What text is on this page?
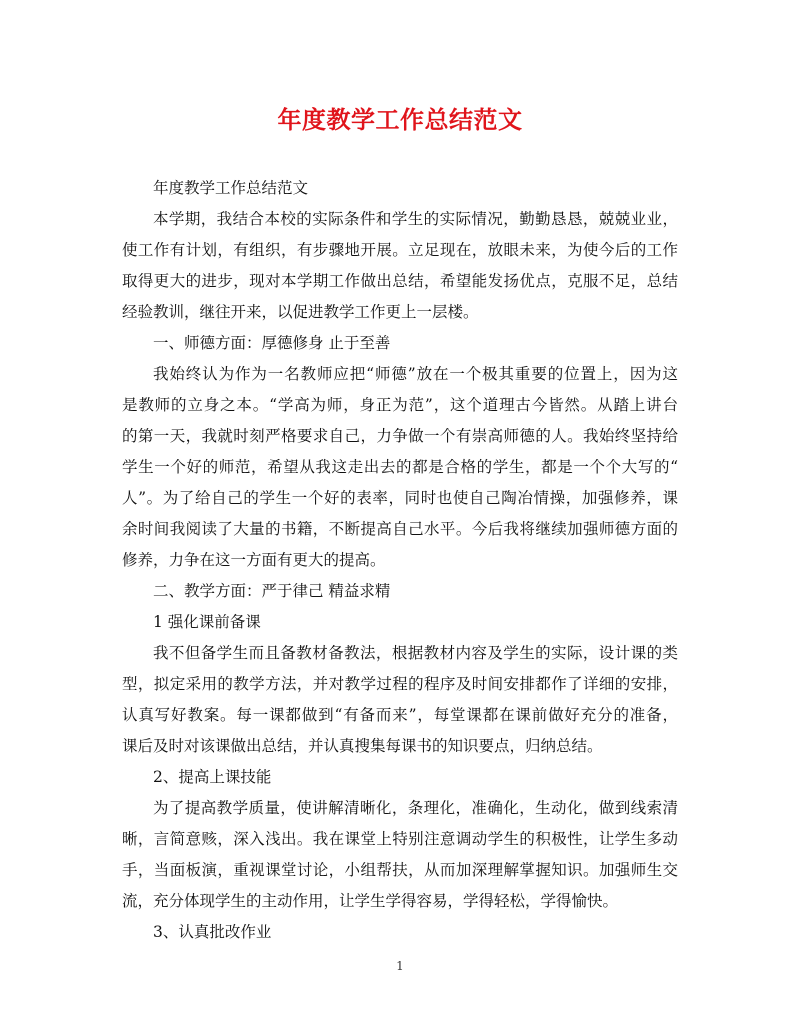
年度教学工作总结范文
年度教学工作总结范文
本学期，我结合本校的实际条件和学生的实际情况，勤勤恳恳，兢兢业业，
使工作有计划，有组织，有步骤地开展。立足现在，放眼未来，为使今后的工作
取得更大的进步，现对本学期工作做出总结，希望能发扬优点，克服不足，总结
经验教训，继往开来，以促进教学工作更上一层楼。
一、师德方面：厚德修身 止于至善
我始终认为作为一名教师应把“师德”放在一个极其重要的位置上，因为这
是教师的立身之本。“学高为师，身正为范”，这个道理古今皆然。从踏上讲台
的第一天，我就时刻严格要求自己，力争做一个有崇高师德的人。我始终坚持给
学生一个好的师范，希望从我这走出去的都是合格的学生，都是一个个大写的“
人”。为了给自己的学生一个好的表率，同时也使自己陶冶情操，加强修养，课
余时间我阅读了大量的书籍，不断提高自己水平。今后我将继续加强师德方面的
修养，力争在这一方面有更大的提高。
二、教学方面：严于律己 精益求精
1 强化课前备课
我不但备学生而且备教材备教法，根据教材内容及学生的实际，设计课的类
型，拟定采用的教学方法，并对教学过程的程序及时间安排都作了详细的安排，
认真写好教案。每一课都做到“有备而来”，每堂课都在课前做好充分的准备，
课后及时对该课做出总结，并认真搜集每课书的知识要点，归纳总结。
2、提高上课技能
为了提高教学质量，使讲解清晰化，条理化，准确化，生动化，做到线索清
晰，言简意赅，深入浅出。我在课堂上特别注意调动学生的积极性，让学生多动
手，当面板演，重视课堂讨论，小组帮扶，从而加深理解掌握知识。加强师生交
流，充分体现学生的主动作用，让学生学得容易，学得轻松，学得愉快。
3、认真批改作业
1
